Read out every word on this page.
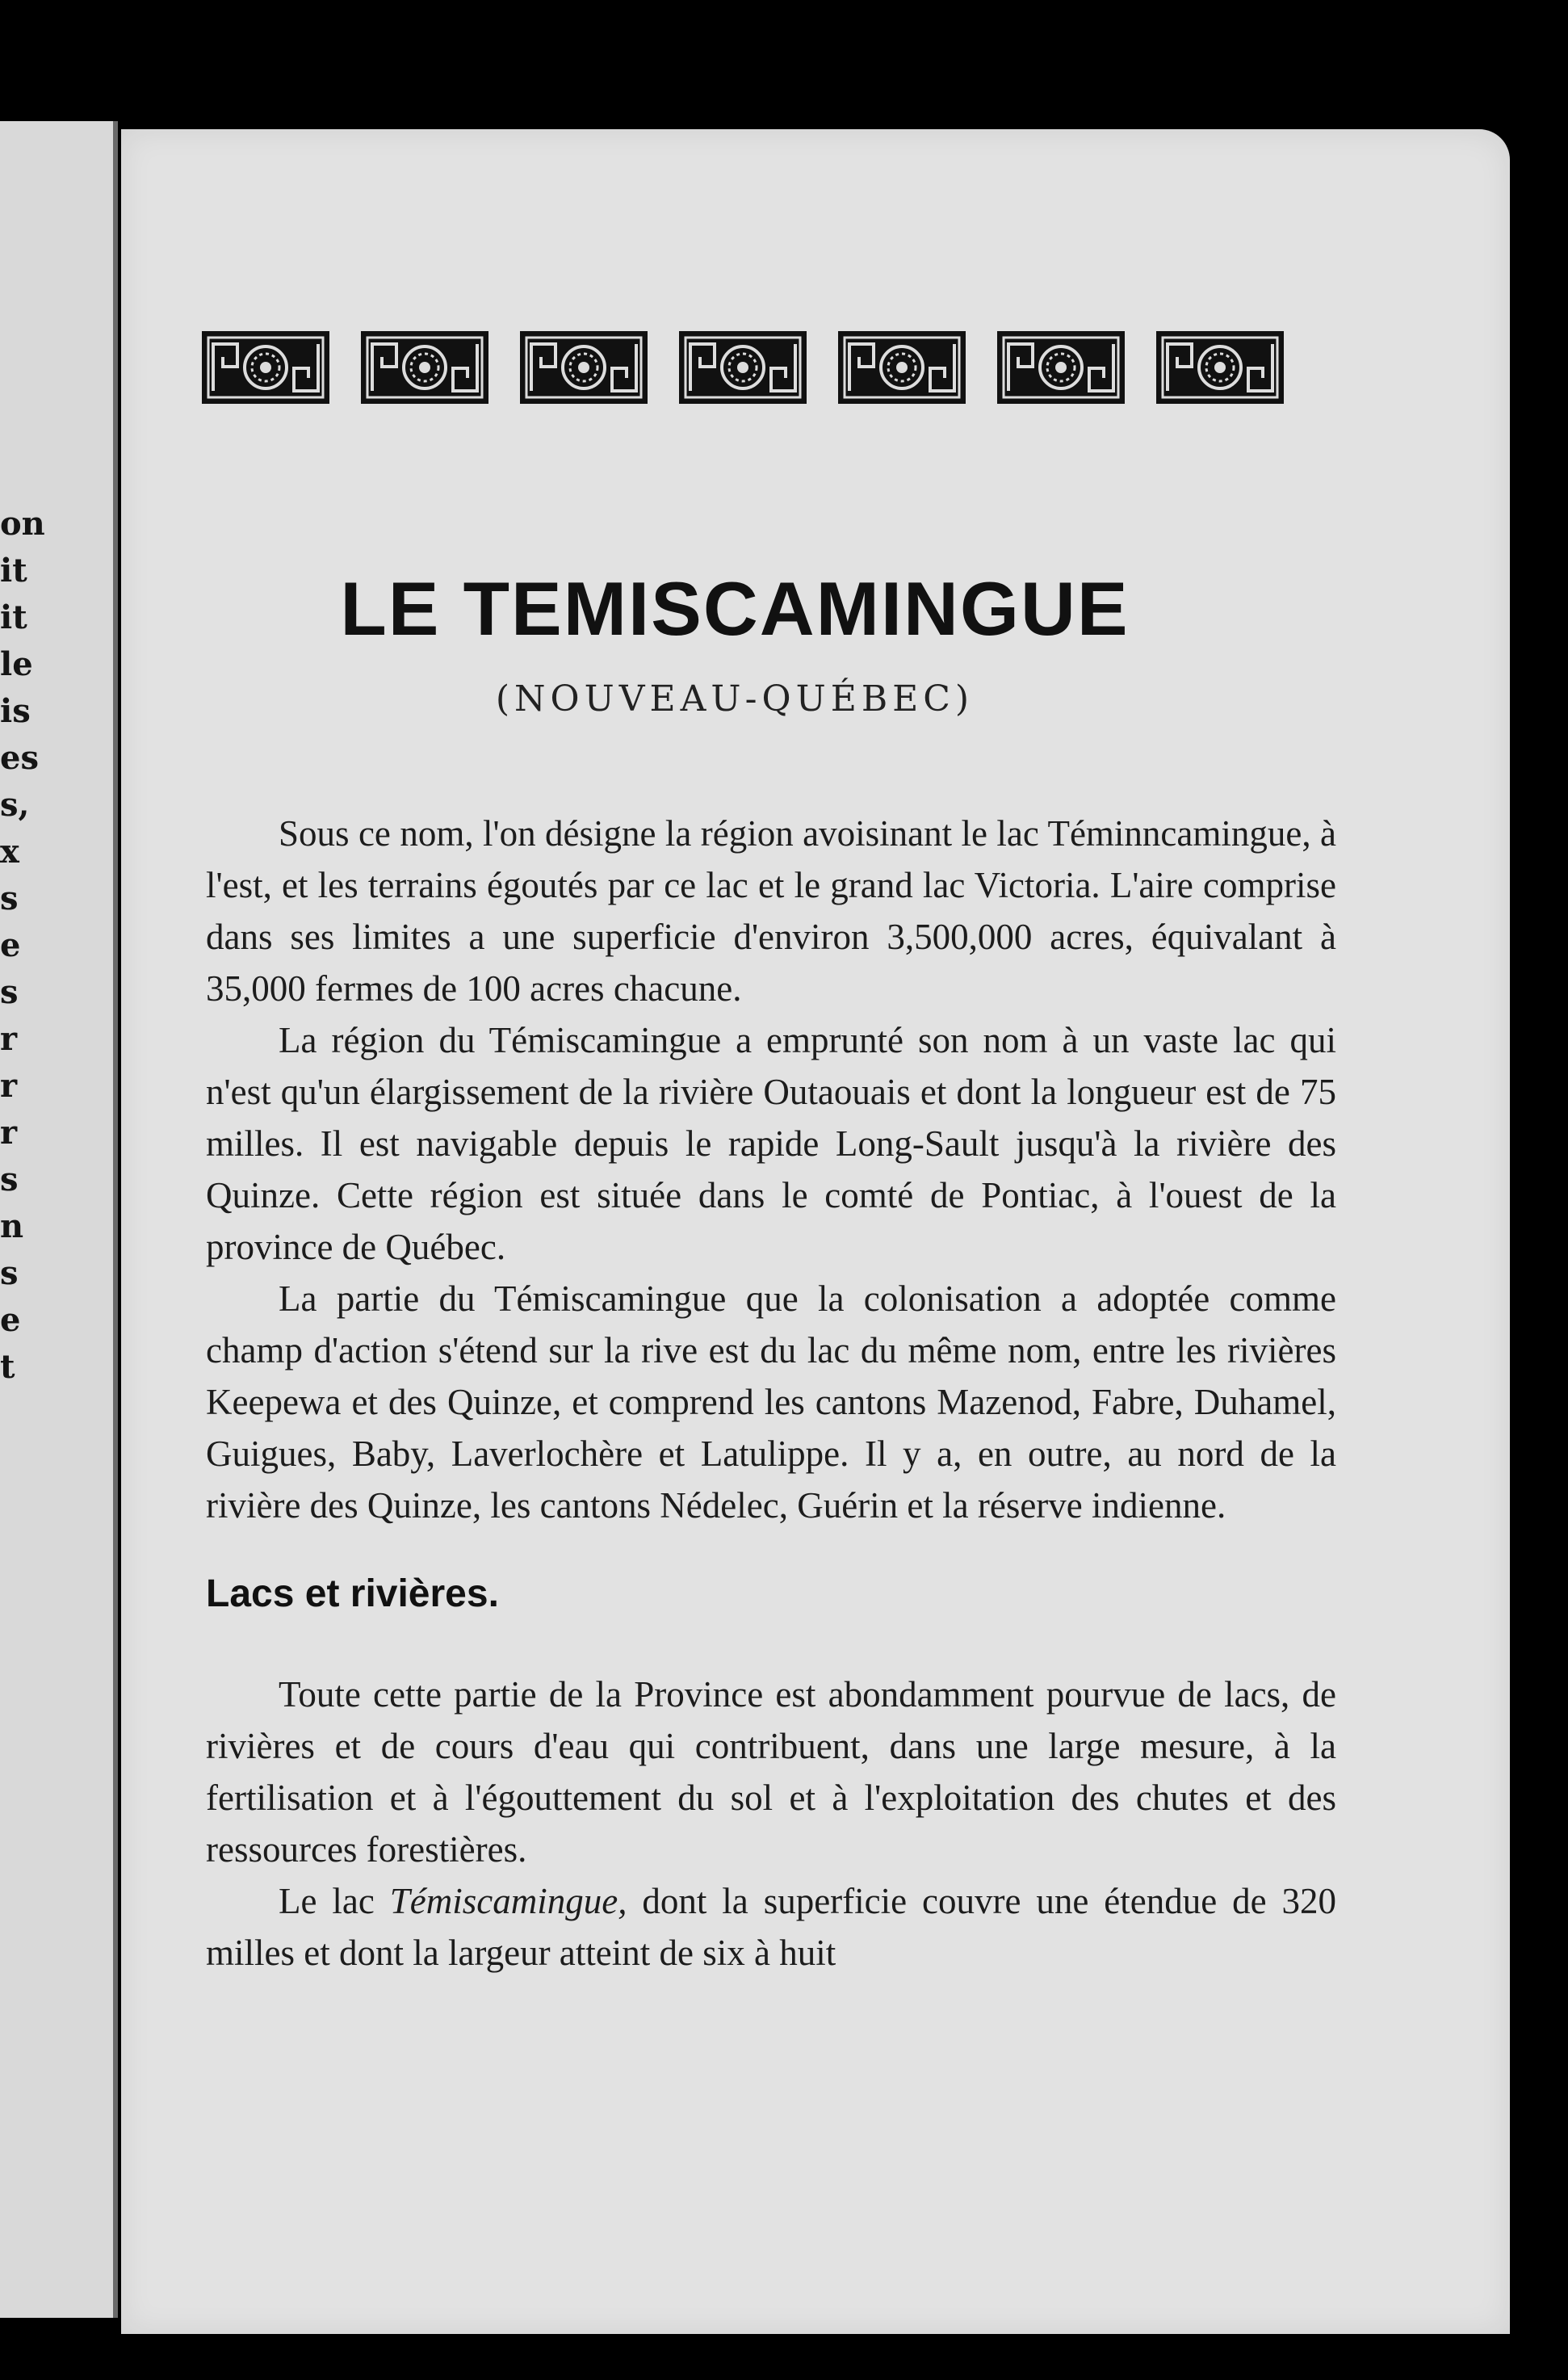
on
it
it
le
is
es
s,
x
s
e
s
r
r
r
s
n
s
e
t
LE TEMISCAMINGUE
(NOUVEAU-QUÉBEC)

Sous ce nom, l'on désigne la région avoisinant le lac Téminncamingue, à l'est, et les terrains égoutés par ce lac et le grand lac Victoria. L'aire comprise dans ses limites a une superficie d'environ 3,500,000 acres, équivalant à 35,000 fermes de 100 acres chacune.

La région du Témiscamingue a emprunté son nom à un vaste lac qui n'est qu'un élargissement de la rivière Outaouais et dont la longueur est de 75 milles. Il est navigable depuis le rapide Long-Sault jusqu'à la rivière des Quinze. Cette région est située dans le comté de Pontiac, à l'ouest de la province de Québec.

La partie du Témiscamingue que la colonisation a adoptée comme champ d'action s'étend sur la rive est du lac du même nom, entre les rivières Keepewa et des Quinze, et comprend les cantons Mazenod, Fabre, Duhamel, Guigues, Baby, Laverlochère et Latulippe. Il y a, en outre, au nord de la rivière des Quinze, les cantons Nédelec, Guérin et la réserve indienne.

Lacs et rivières.

Toute cette partie de la Province est abondamment pourvue de lacs, de rivières et de cours d'eau qui contribuent, dans une large mesure, à la fertilisation et à l'égouttement du sol et à l'exploitation des chutes et des ressources forestières.

Le lac Témiscamingue, dont la superficie couvre une étendue de 320 milles et dont la largeur atteint de six à huit
